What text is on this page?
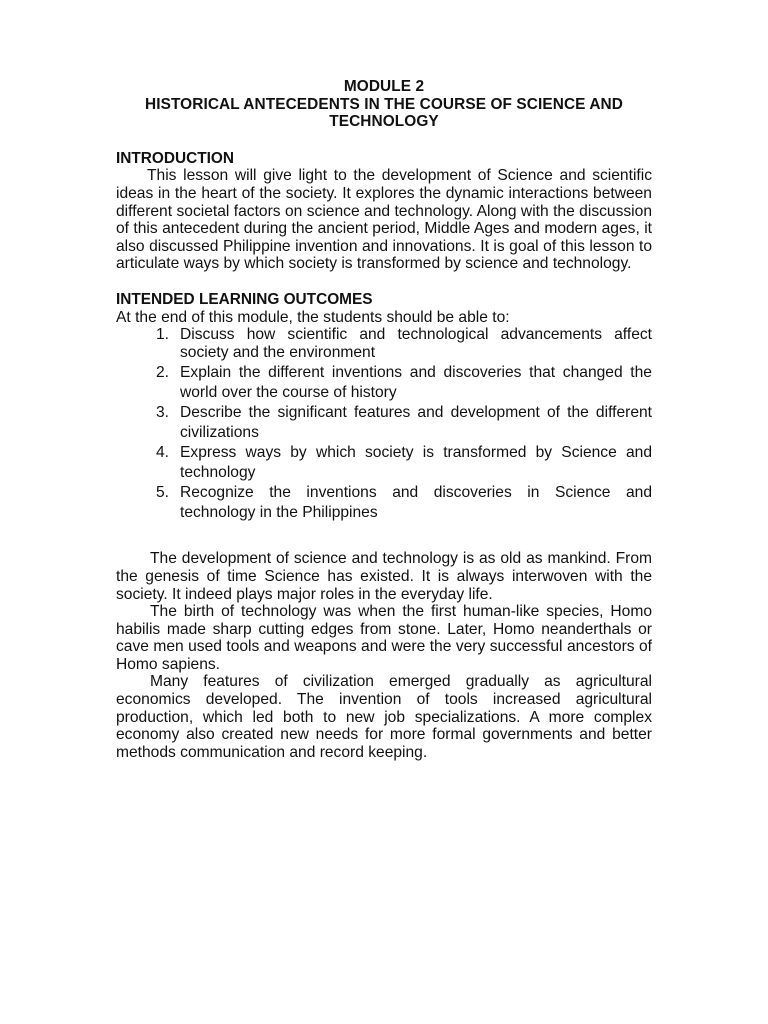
MODULE 2
HISTORICAL ANTECEDENTS IN THE COURSE OF SCIENCE AND TECHNOLOGY
INTRODUCTION

This lesson will give light to the development of Science and scientific ideas in the heart of the society. It explores the dynamic interactions between different societal factors on science and technology. Along with the discussion of this antecedent during the ancient period, Middle Ages and modern ages, it also discussed Philippine invention and innovations. It is goal of this lesson to articulate ways by which society is transformed by science and technology.

INTENDED LEARNING OUTCOMES

At the end of this module, the students should be able to:

1. Discuss how scientific and technological advancements affect society and the environment
2. Explain the different inventions and discoveries that changed the world over the course of history
3. Describe the significant features and development of the different civilizations
4. Express ways by which society is transformed by Science and technology
5. Recognize the inventions and discoveries in Science and technology in the Philippines

The development of science and technology is as old as mankind. From the genesis of time Science has existed. It is always interwoven with the society. It indeed plays major roles in the everyday life.

The birth of technology was when the first human-like species, Homo habilis made sharp cutting edges from stone. Later, Homo neanderthals or cave men used tools and weapons and were the very successful ancestors of Homo sapiens.

Many features of civilization emerged gradually as agricultural economics developed. The invention of tools increased agricultural production, which led both to new job specializations. A more complex economy also created new needs for more formal governments and better methods communication and record keeping.
